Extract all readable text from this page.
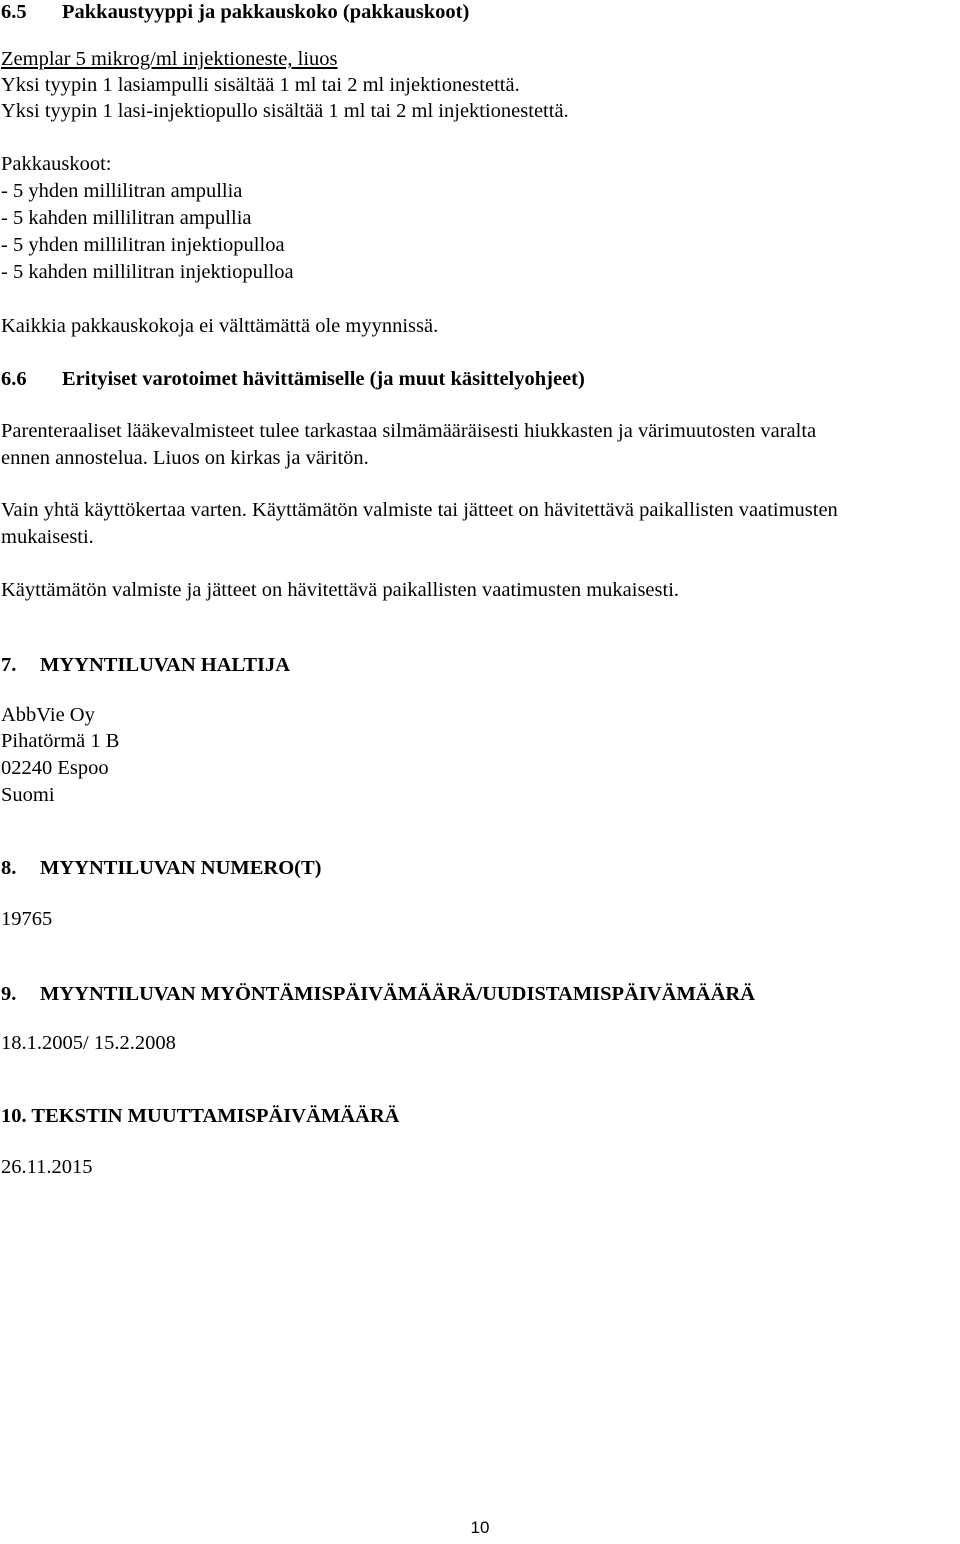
6.5 Pakkaustyyppi ja pakkauskoko (pakkauskoot)
Zemplar 5 mikrog/ml injektioneste, liuos
Yksi tyypin 1 lasiampulli sisältää 1 ml tai 2 ml injektionestettä.
Yksi tyypin 1 lasi-injektiopullo sisältää 1 ml tai 2 ml injektionestettä.
Pakkauskoot:
- 5 yhden millilitran ampullia
- 5 kahden millilitran ampullia
- 5 yhden millilitran injektiopulloa
- 5 kahden millilitran injektiopulloa
Kaikkia pakkauskokoja ei välttämättä ole myynnissä.
6.6 Erityiset varotoimet hävittämiselle (ja muut käsittelyohjeet)
Parenteraaliset lääkevalmisteet tulee tarkastaa silmämääräisesti hiukkasten ja värimuutosten varalta
ennen annostelua. Liuos on kirkas ja väritön.
Vain yhtä käyttökertaa varten. Käyttämätön valmiste tai jätteet on hävitettävä paikallisten vaatimusten
mukaisesti.
Käyttämätön valmiste ja jätteet on hävitettävä paikallisten vaatimusten mukaisesti.
7. MYYNTILUVAN HALTIJA
AbbVie Oy
Pihatörmä 1 B
02240 Espoo
Suomi
8. MYYNTILUVAN NUMERO(T)
19765
9. MYYNTILUVAN MYÖNTÄMISPÄIVÄMÄÄRÄ/UUDISTAMISPÄIVÄMÄÄRÄ
18.1.2005/ 15.2.2008
10. TEKSTIN MUUTTAMISPÄIVÄMÄÄRÄ
26.11.2015
10
